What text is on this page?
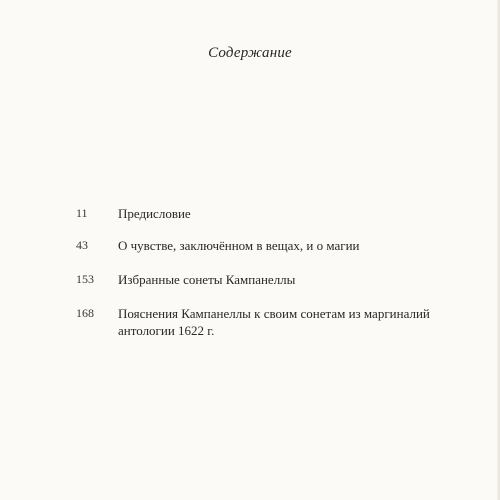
Содержание
11 Предисловие
43 О чувстве, заключённом в вещах, и о магии
153 Избранные сонеты Кампанеллы
168 Пояснения Кампанеллы к своим сонетам из маргиналий
антологии 1622 г.
